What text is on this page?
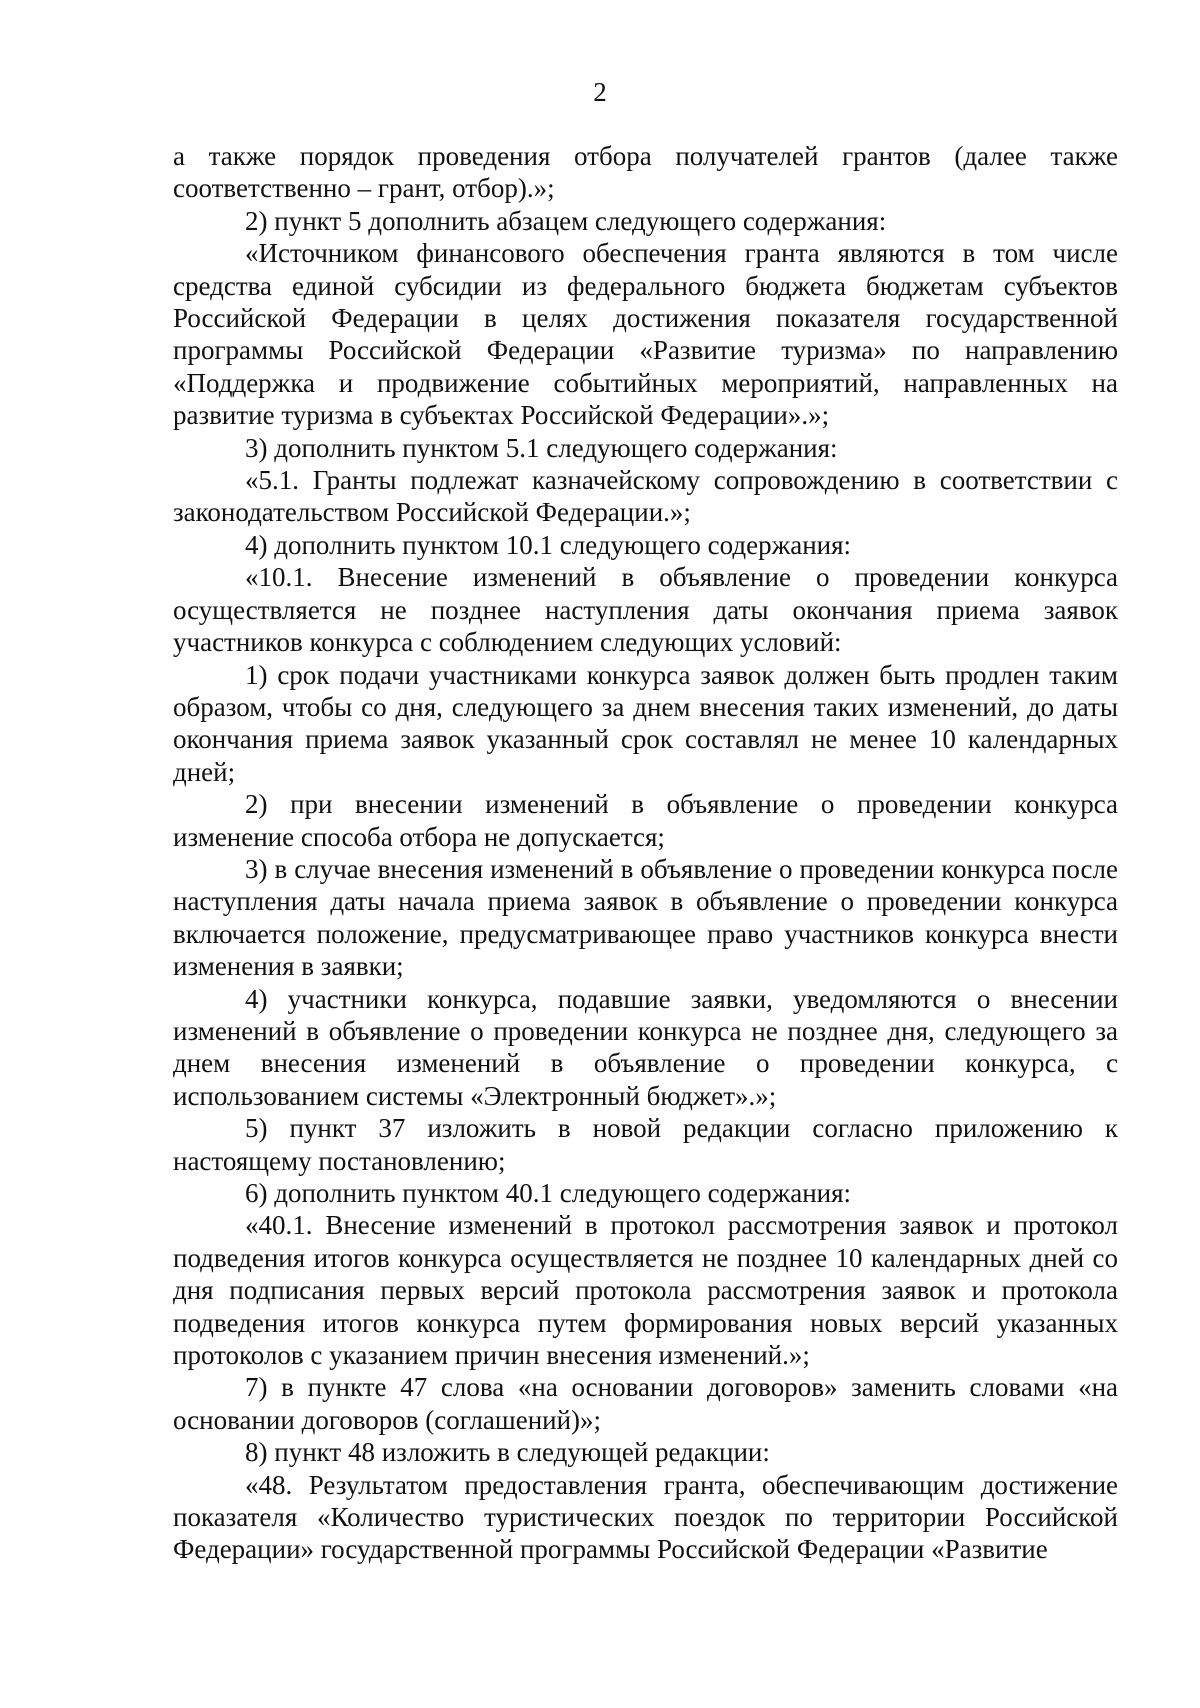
2

а также порядок проведения отбора получателей грантов (далее также соответственно – грант, отбор).»;

2) пункт 5 дополнить абзацем следующего содержания:

«Источником финансового обеспечения гранта являются в том числе средства единой субсидии из федерального бюджета бюджетам субъектов Российской Федерации в целях достижения показателя государственной программы Российской Федерации «Развитие туризма» по направлению «Поддержка и продвижение событийных мероприятий, направленных на развитие туризма в субъектах Российской Федерации».»;

3) дополнить пунктом 5.1 следующего содержания:

«5.1. Гранты подлежат казначейскому сопровождению в соответствии с законодательством Российской Федерации.»;

4) дополнить пунктом 10.1 следующего содержания:

«10.1. Внесение изменений в объявление о проведении конкурса осуществляется не позднее наступления даты окончания приема заявок участников конкурса с соблюдением следующих условий:

1) срок подачи участниками конкурса заявок должен быть продлен таким образом, чтобы со дня, следующего за днем внесения таких изменений, до даты окончания приема заявок указанный срок составлял не менее 10 календарных дней;

2) при внесении изменений в объявление о проведении конкурса изменение способа отбора не допускается;

3) в случае внесения изменений в объявление о проведении конкурса после наступления даты начала приема заявок в объявление о проведении конкурса включается положение, предусматривающее право участников конкурса внести изменения в заявки;

4) участники конкурса, подавшие заявки, уведомляются о внесении изменений в объявление о проведении конкурса не позднее дня, следующего за днем внесения изменений в объявление о проведении конкурса, с использованием системы «Электронный бюджет».»;

5) пункт 37 изложить в новой редакции согласно приложению к настоящему постановлению;

6) дополнить пунктом 40.1 следующего содержания:

«40.1. Внесение изменений в протокол рассмотрения заявок и протокол подведения итогов конкурса осуществляется не позднее 10 календарных дней со дня подписания первых версий протокола рассмотрения заявок и протокола подведения итогов конкурса путем формирования новых версий указанных протоколов с указанием причин внесения изменений.»;

7) в пункте 47 слова «на основании договоров» заменить словами «на основании договоров (соглашений)»;

8) пункт 48 изложить в следующей редакции:

«48. Результатом предоставления гранта, обеспечивающим достижение показателя «Количество туристических поездок по территории Российской Федерации» государственной программы Российской Федерации «Развитие
